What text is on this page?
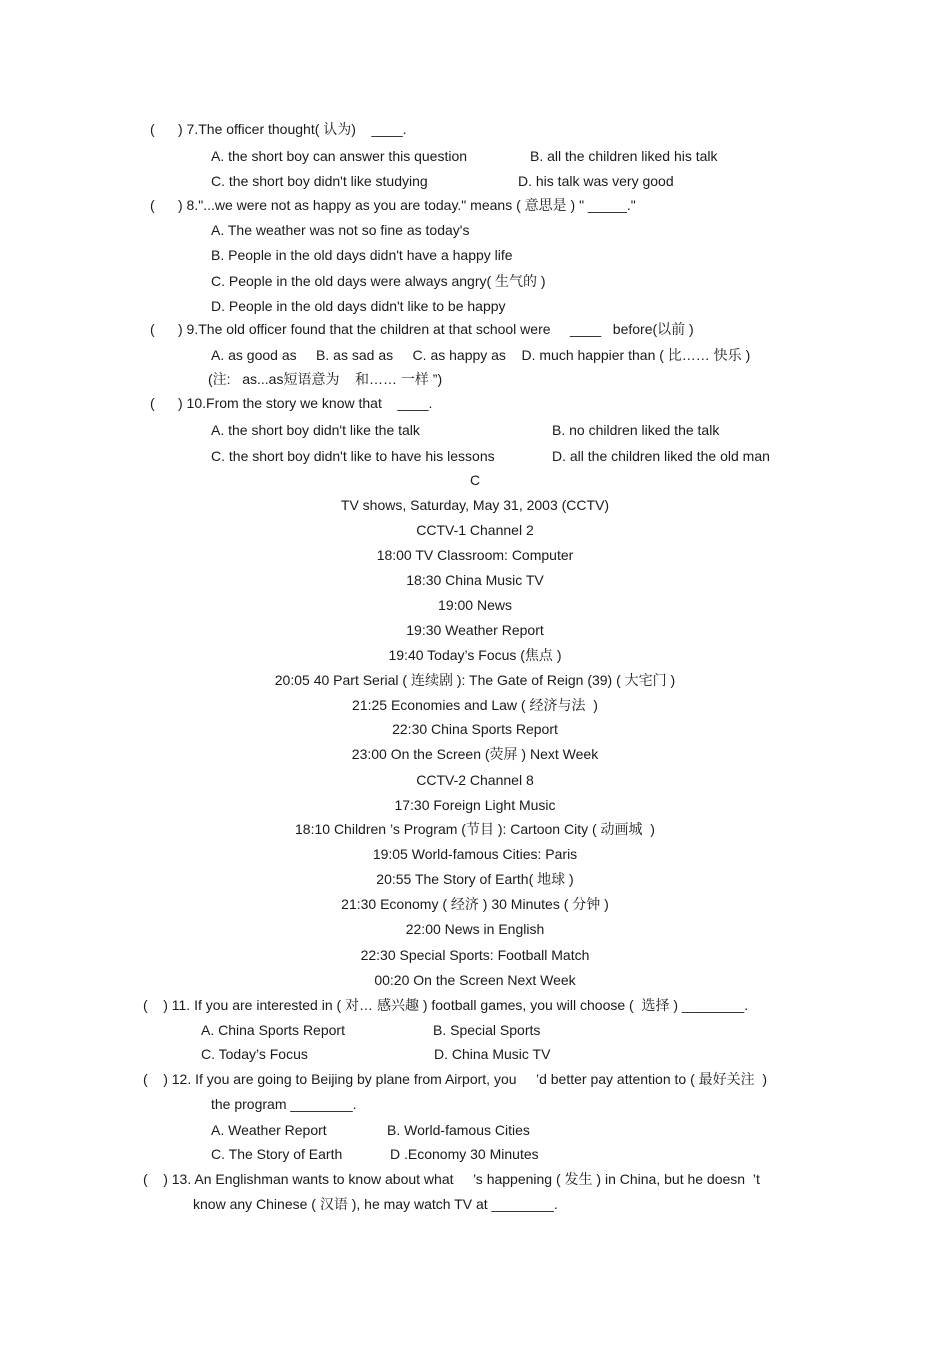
(      ) 7.The officer thought( 认为)    ____.
A. the short boy can answer this question	B. all the children liked his talk
C. the short boy didn't like studying	D. his talk was very good
(      ) 8."...we were not as happy as you are today." means ( 意思是 ) " _____."
A. The weather was not so fine as today's
B. People in the old days didn't have a happy life
C. People in the old days were always angry( 生气的 )
D. People in the old days didn't like to be happy
(      ) 9.The old officer found that the children at that school were     ____   before(以前 )
A. as good as     B. as sad as     C. as happy as    D. much happier than ( 比…… 快乐 )
(注:   as...as短语意为    和…… 一样 ”)
(      ) 10.From the story we know that    ____.
A. the short boy didn't like the talk	B. no children liked the talk
C. the short boy didn't like to have his lessons	D. all the children liked the old man
C
TV shows, Saturday, May 31, 2003 (CCTV)
CCTV-1 Channel 2
18:00 TV Classroom: Computer
18:30 China Music TV
19:00 News
19:30 Weather Report
19:40 Today’s Focus (焦点 )
20:05 40 Part Serial ( 连续剧 ): The Gate of Reign (39) ( 大宅门 )
21:25 Economies and Law ( 经济与法  )
22:30 China Sports Report
23:00 On the Screen (荧屏 ) Next Week
CCTV-2 Channel 8
17:30 Foreign Light Music
18:10 Children ’s Program (节目 ): Cartoon City ( 动画城  )
19:05 World-famous Cities: Paris
20:55 The Story of Earth( 地球 )
21:30 Economy ( 经济 ) 30 Minutes ( 分钟 )
22:00 News in English
22:30 Special Sports: Football Match
00:20 On the Screen Next Week
(    ) 11. If you are interested in ( 对… 感兴趣 ) football games, you will choose (  选择 ) ________.
A. China Sports Report	B. Special Sports
C. Today’s Focus	D. China Music TV
(    ) 12. If you are going to Beijing by plane from Airport, you     ’d better pay attention to ( 最好关注  )
the program ________.
A. Weather Report	B. World-famous Cities
C. The Story of Earth	D .Economy 30 Minutes
(    ) 13. An Englishman wants to know about what     ’s happening ( 发生 ) in China, but he doesn  ’t
know any Chinese ( 汉语 ), he may watch TV at ________.
